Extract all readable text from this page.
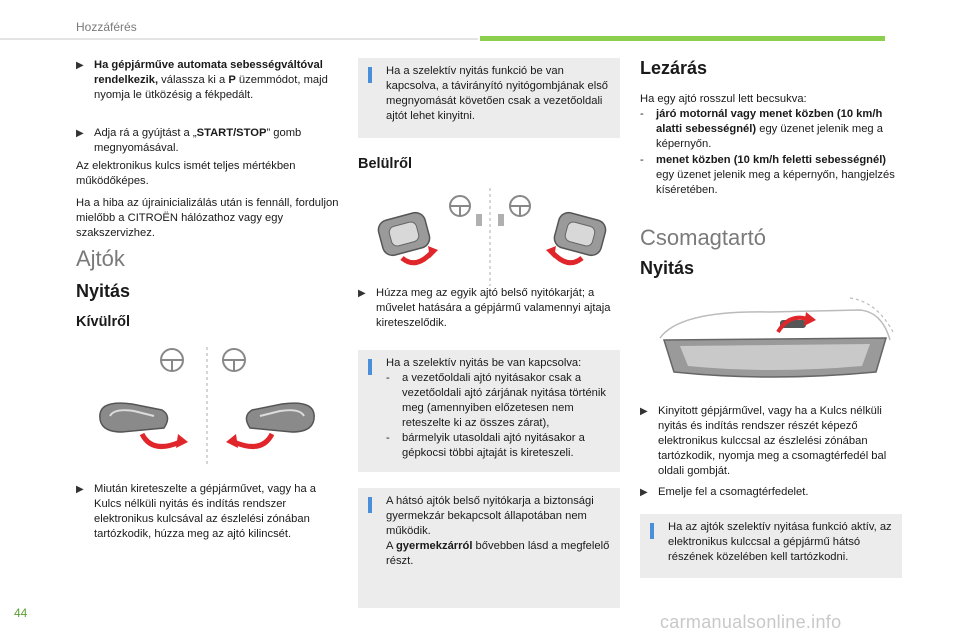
Hozzáférés
▶ Ha gépjárműve automata sebességváltóval rendelkezik, válassza ki a P üzemmódot, majd nyomja le ütközésig a fékpedált.
▶ Adja rá a gyújtást a „START/STOP” gomb megnyomásával.
Az elektronikus kulcs ismét teljes mértékben működőképes.
Ha a hiba az újrainicializálás után is fennáll, forduljon mielőbb a CITROËN hálózathoz vagy egy szakszervizhez.
Ajtók
Nyitás
Kívülről
▶ Miután kireteszelte a gépjárművet, vagy ha a Kulcs nélküli nyitás és indítás rendszer elektronikus kulcsával az észlelési zónában tartózkodik, húzza meg az ajtó kilincsét.
Ha a szelektív nyitás funkció be van kapcsolva, a távirányító nyitógombjának első megnyomását követően csak a vezetőoldali ajtót lehet kinyitni.
Belülről
▶ Húzza meg az egyik ajtó belső nyitókarját; a művelet hatására a gépjármű valamennyi ajtaja kireteszelődik.
Ha a szelektív nyitás be van kapcsolva:
-	a vezetőoldali ajtó nyitásakor csak a vezetőoldali ajtó zárjának nyitása történik meg (amennyiben előzetesen nem reteszelte ki az összes zárat),
-	bármelyik utasoldali ajtó nyitásakor a gépkocsi többi ajtaját is kireteszeli.
A hátsó ajtók belső nyitókarja a biztonsági gyermekzár bekapcsolt állapotában nem működik.
A gyermekzárról bővebben lásd a megfelelő részt.
Lezárás
Ha egy ajtó rosszul lett becsukva:
-	járó motornál vagy menet közben (10 km/h alatti sebességnél) egy üzenet jelenik meg a képernyőn.
-	menet közben (10 km/h feletti sebességnél) egy üzenet jelenik meg a képernyőn, hangjelzés kíséretében.
Csomagtartó
Nyitás
▶ Kinyitott gépjárművel, vagy ha a Kulcs nélküli nyitás és indítás rendszer részét képező elektronikus kulccsal az észlelési zónában tartózkodik, nyomja meg a csomagtérfedél bal oldali gombját.
▶ Emelje fel a csomagtérfedelet.
Ha az ajtók szelektív nyitása funkció aktív, az elektronikus kulccsal a gépjármű hátsó részének közelében kell tartózkodni.
44	carmanualsonline.info
